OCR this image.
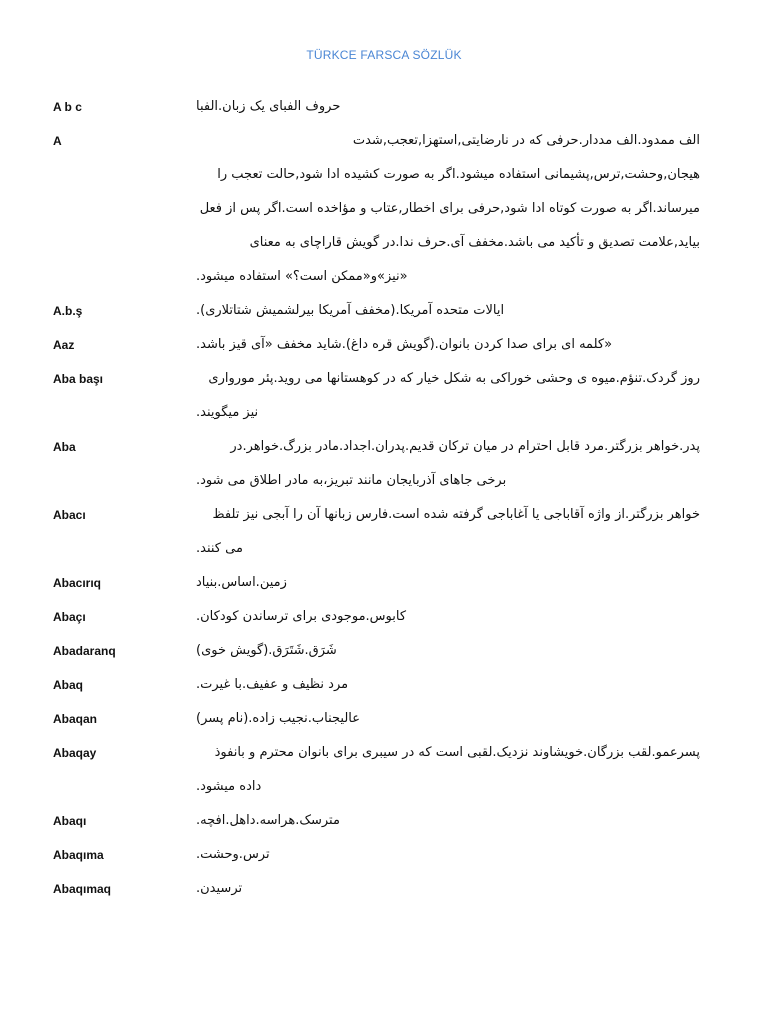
TÜRKCE FARSCA SÖZLÜK
A b c	حروف الفبای یک زبان.الفبا
A	الف ممدود.الف مددار.حرفی که در نارضایتی,استهزا,تعجب,شدت
هیجان,وحشت,ترس,پشیمانی استفاده میشود.اگر به صورت کشیده ادا شود,حالت تعجب را
میرساند.اگر به صورت کوتاه ادا شود,حرفی برای اخطار,عتاب و مؤاخده است.اگر پس از فعل
بیاید,علامت تصدیق و تأکید می باشد.مخفف آی.حرف ندا.در گویش قاراچای به معنای
«نیز»و«ممکن است؟» استفاده میشود.
A.b.ş	ایالات متحده آمریکا.(مخفف آمریکا بیرلشمیش شتاتلاری).
Aaz	«کلمه ای برای صدا کردن بانوان.(گویش قره داغ).شاید مخفف «آی قیز باشد.
Aba başı	روز گردک.تنؤم.میوه ی وحشی خوراکی به شکل خیار که در کوهستانها می روید.پئر مورواری
نیز میگویند.
Aba	پدر.خواهر بزرگتر.مرد قابل احترام در میان ترکان قدیم.پدران.اجداد.مادر بزرگ.خواهر.در
برخی جاهای آذربایجان مانند تبریز،به مادر اطلاق می شود.
Abacı	خواهر بزرگتر.از واژه آقاباجی یا آغاباجی گرفته شده است.فارس زبانها آن را آبجی نیز تلفظ
می کنند.
Abacırıq	زمین.اساس.بنیاد
Abaçı	کابوس.موجودی برای ترساندن کودکان.
Abadaranq	شَرَق.شَتَرَق.(گویش خوی)
Abaq	مرد نظیف و عفیف.با غیرت.
Abaqan	عالیجناب.نجیب زاده.(نام پسر)
Abaqay	پسرعمو.لقب بزرگان.خویشاوند نزدیک.لقبی است که در سیبری برای بانوان محترم و بانفوذ
داده میشود.
Abaqı	مترسک.هراسه.داهل.افچه.
Abaqıma	ترس.وحشت.
Abaqımaq	ترسیدن.
